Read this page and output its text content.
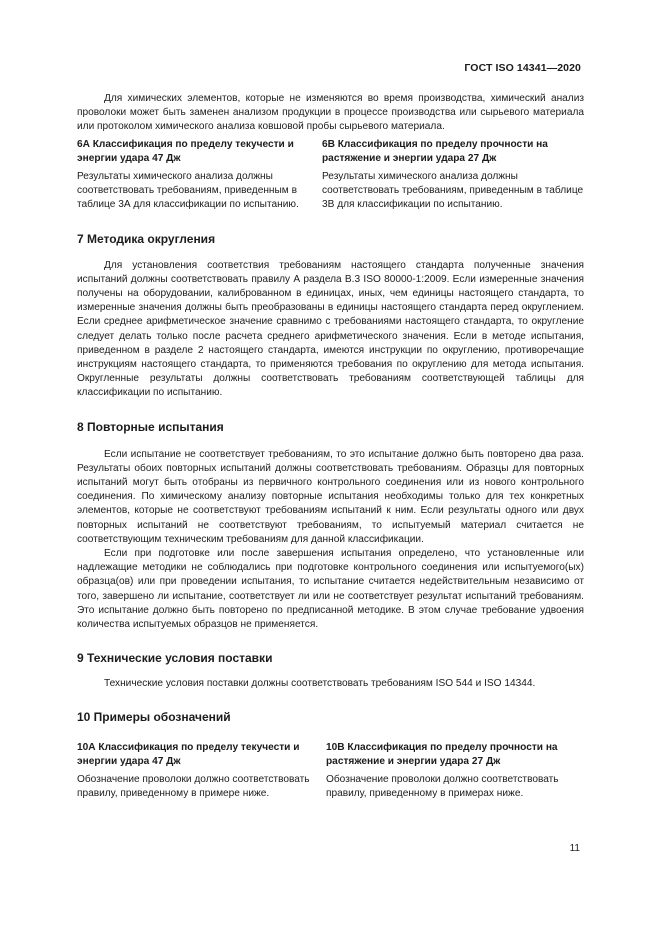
ГОСТ ISO 14341—2020

Для химических элементов, которые не изменяются во время производства, химический анализ проволоки может быть заменен анализом продукции в процессе производства или сырьевого материала или протоколом химического анализа ковшовой пробы сырьевого материала.

6А Классификация по пределу текучести и энергии удара 47 Дж

Результаты химического анализа должны соответствовать требованиям, приведенным в таблице 3А для классификации по испытанию.

6В Классификация по пределу прочности на растяжение и энергии удара 27 Дж

Результаты химического анализа должны соответствовать требованиям, приведенным в таблице 3В для классификации по испытанию.

7 Методика округления

Для установления соответствия требованиям настоящего стандарта полученные значения испытаний должны соответствовать правилу А раздела В.3 ISO 80000-1:2009. Если измеренные значения получены на оборудовании, калиброванном в единицах, иных, чем единицы настоящего стандарта, то измеренные значения должны быть преобразованы в единицы настоящего стандарта перед округлением. Если среднее арифметическое значение сравнимо с требованиями настоящего стандарта, то округление следует делать только после расчета среднего арифметического значения. Если в методе испытания, приведенном в разделе 2 настоящего стандарта, имеются инструкции по округлению, противоречащие инструкциям настоящего стандарта, то применяются требования по округлению для метода испытания. Округленные результаты должны соответствовать требованиям соответствующей таблицы для классификации по испытанию.

8 Повторные испытания

Если испытание не соответствует требованиям, то это испытание должно быть повторено два раза. Результаты обоих повторных испытаний должны соответствовать требованиям. Образцы для повторных испытаний могут быть отобраны из первичного контрольного соединения или из нового контрольного соединения. По химическому анализу повторные испытания необходимы только для тех конкретных элементов, которые не соответствуют требованиям испытаний к ним. Если результаты одного или двух повторных испытаний не соответствуют требованиям, то испытуемый материал считается не соответствующим техническим требованиям для данной классификации.

Если при подготовке или после завершения испытания определено, что установленные или надлежащие методики не соблюдались при подготовке контрольного соединения или испытуемого(ых) образца(ов) или при проведении испытания, то испытание считается недействительным независимо от того, завершено ли испытание, соответствует ли или не соответствует результат испытаний требованиям. Это испытание должно быть повторено по предписанной методике. В этом случае требование удвоения количества испытуемых образцов не применяется.

9 Технические условия поставки

Технические условия поставки должны соответствовать требованиям ISO 544 и ISO 14344.

10 Примеры обозначений
10А Классификация по пределу текучести и энергии удара 47 Дж

Обозначение проволоки должно соответствовать правилу, приведенному в примере ниже.

10В Классификация по пределу прочности на растяжение и энергии удара 27 Дж

Обозначение проволоки должно соответствовать правилу, приведенному в примерах ниже.

11
